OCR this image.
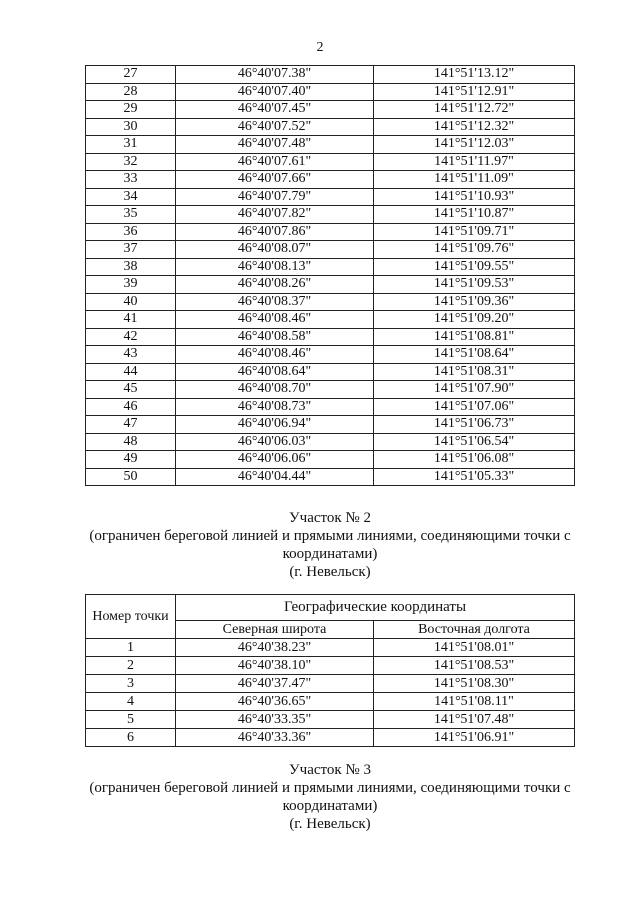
2
27	46°40'07.38"	141°51'13.12"
28	46°40'07.40"	141°51'12.91"
29	46°40'07.45"	141°51'12.72"
30	46°40'07.52"	141°51'12.32"
31	46°40'07.48"	141°51'12.03"
32	46°40'07.61"	141°51'11.97"
33	46°40'07.66"	141°51'11.09"
34	46°40'07.79"	141°51'10.93"
35	46°40'07.82"	141°51'10.87"
36	46°40'07.86"	141°51'09.71"
37	46°40'08.07"	141°51'09.76"
38	46°40'08.13"	141°51'09.55"
39	46°40'08.26"	141°51'09.53"
40	46°40'08.37"	141°51'09.36"
41	46°40'08.46"	141°51'09.20"
42	46°40'08.58"	141°51'08.81"
43	46°40'08.46"	141°51'08.64"
44	46°40'08.64"	141°51'08.31"
45	46°40'08.70"	141°51'07.90"
46	46°40'08.73"	141°51'07.06"
47	46°40'06.94"	141°51'06.73"
48	46°40'06.03"	141°51'06.54"
49	46°40'06.06"	141°51'06.08"
50	46°40'04.44"	141°51'05.33"
Участок № 2
(ограничен береговой линией и прямыми линиями, соединяющими точки с
координатами)
(г. Невельск)
Номер точки	Географические координаты	
	Северная широта	Восточная долгота
1	46°40'38.23"	141°51'08.01"
2	46°40'38.10"	141°51'08.53"
3	46°40'37.47"	141°51'08.30"
4	46°40'36.65"	141°51'08.11"
5	46°40'33.35"	141°51'07.48"
6	46°40'33.36"	141°51'06.91"
Участок № 3
(ограничен береговой линией и прямыми линиями, соединяющими точки с
координатами)
(г. Невельск)
